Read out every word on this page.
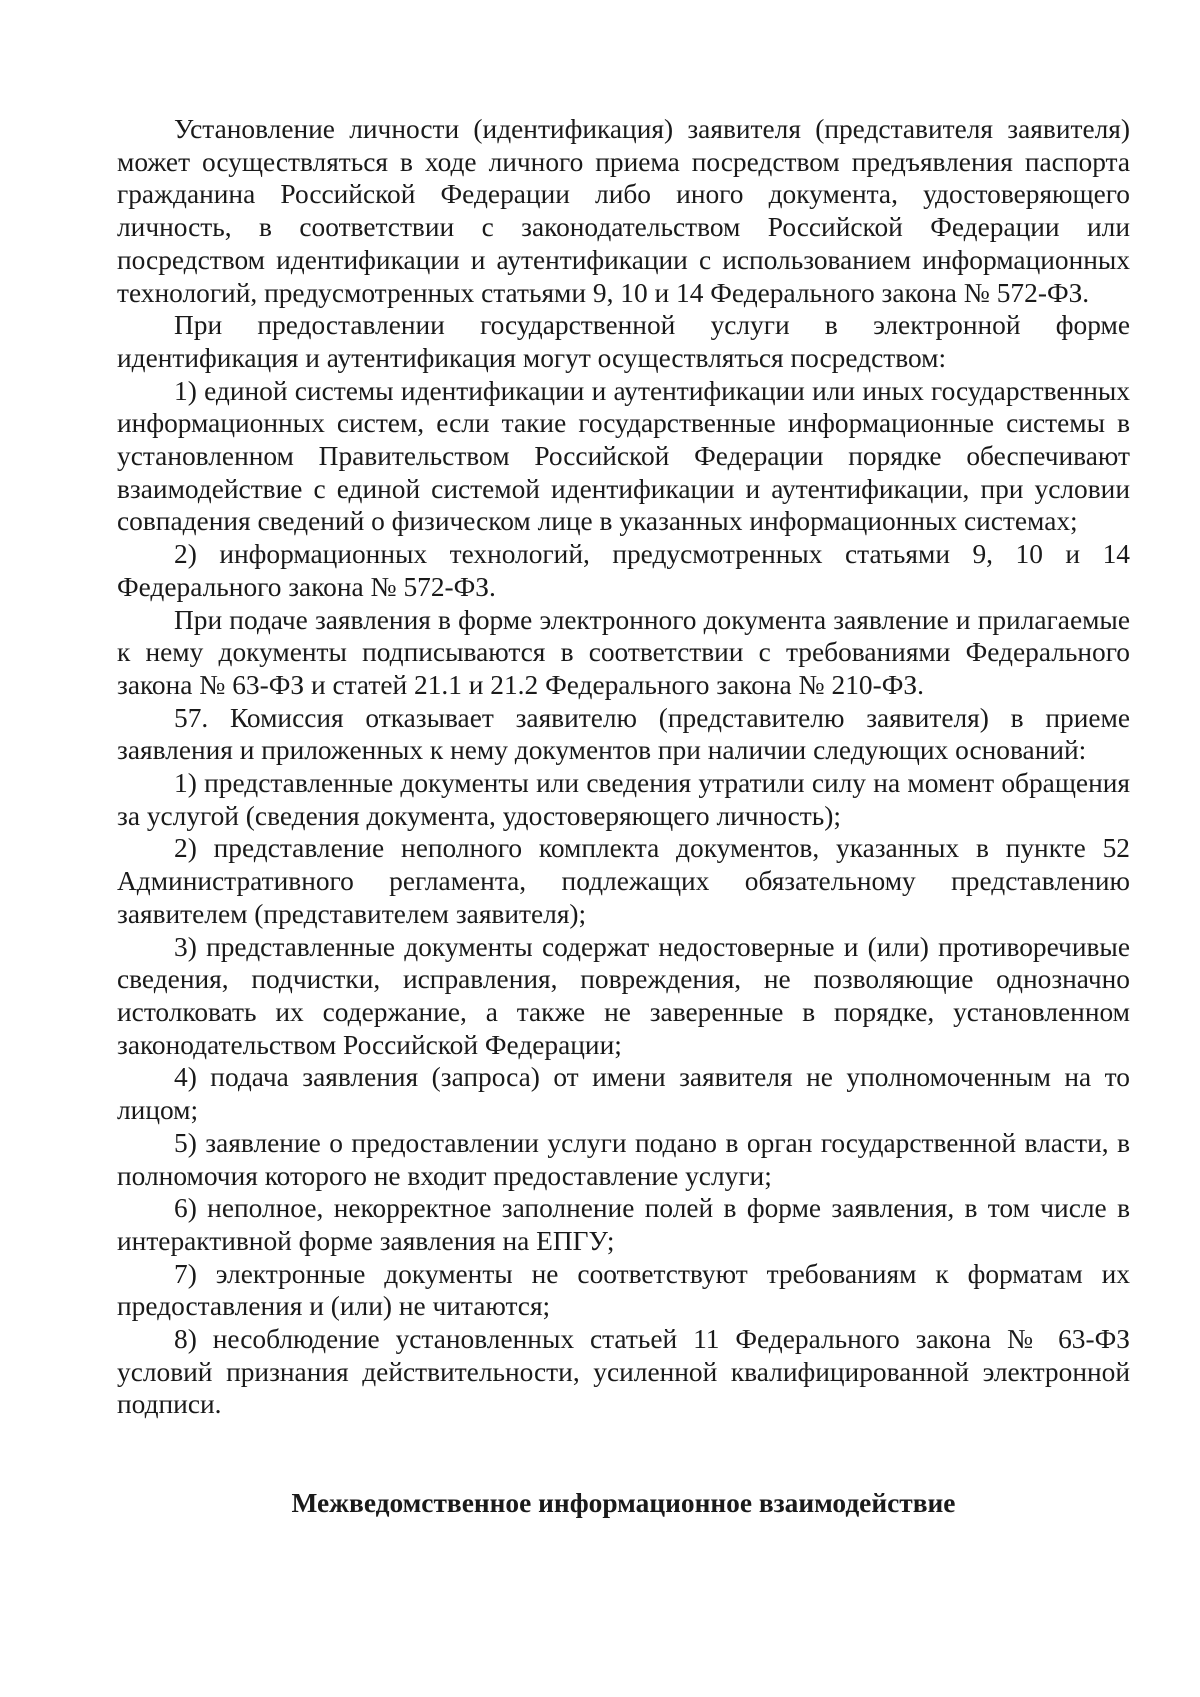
Установление личности (идентификация) заявителя (представителя заявителя) может осуществляться в ходе личного приема посредством предъявления паспорта гражданина Российской Федерации либо иного документа, удостоверяющего личность, в соответствии с законодательством Российской Федерации или посредством идентификации и аутентификации с использованием информационных технологий, предусмотренных статьями 9, 10 и 14 Федерального закона № 572-ФЗ.

При предоставлении государственной услуги в электронной форме идентификация и аутентификация могут осуществляться посредством:

1) единой системы идентификации и аутентификации или иных государственных информационных систем, если такие государственные информационные системы в установленном Правительством Российской Федерации порядке обеспечивают взаимодействие с единой системой идентификации и аутентификации, при условии совпадения сведений о физическом лице в указанных информационных системах;

2) информационных технологий, предусмотренных статьями 9, 10 и 14 Федерального закона № 572-ФЗ.

При подаче заявления в форме электронного документа заявление и прилагаемые к нему документы подписываются в соответствии с требованиями Федерального закона № 63-ФЗ и статей 21.1 и 21.2 Федерального закона № 210-ФЗ.

57. Комиссия отказывает заявителю (представителю заявителя) в приеме заявления и приложенных к нему документов при наличии следующих оснований:

1) представленные документы или сведения утратили силу на момент обращения за услугой (сведения документа, удостоверяющего личность);

2) представление неполного комплекта документов, указанных в пункте 52 Административного регламента, подлежащих обязательному представлению заявителем (представителем заявителя);

3) представленные документы содержат недостоверные и (или) противоречивые сведения, подчистки, исправления, повреждения, не позволяющие однозначно истолковать их содержание, а также не заверенные в порядке, установленном законодательством Российской Федерации;

4) подача заявления (запроса) от имени заявителя не уполномоченным на то лицом;

5) заявление о предоставлении услуги подано в орган государственной власти, в полномочия которого не входит предоставление услуги;

6) неполное, некорректное заполнение полей в форме заявления, в том числе в интерактивной форме заявления на ЕПГУ;

7) электронные документы не соответствуют требованиям к форматам их предоставления и (или) не читаются;

8) несоблюдение установленных статьей 11 Федерального закона № 63-ФЗ условий признания действительности, усиленной квалифицированной электронной подписи.

Межведомственное информационное взаимодействие
